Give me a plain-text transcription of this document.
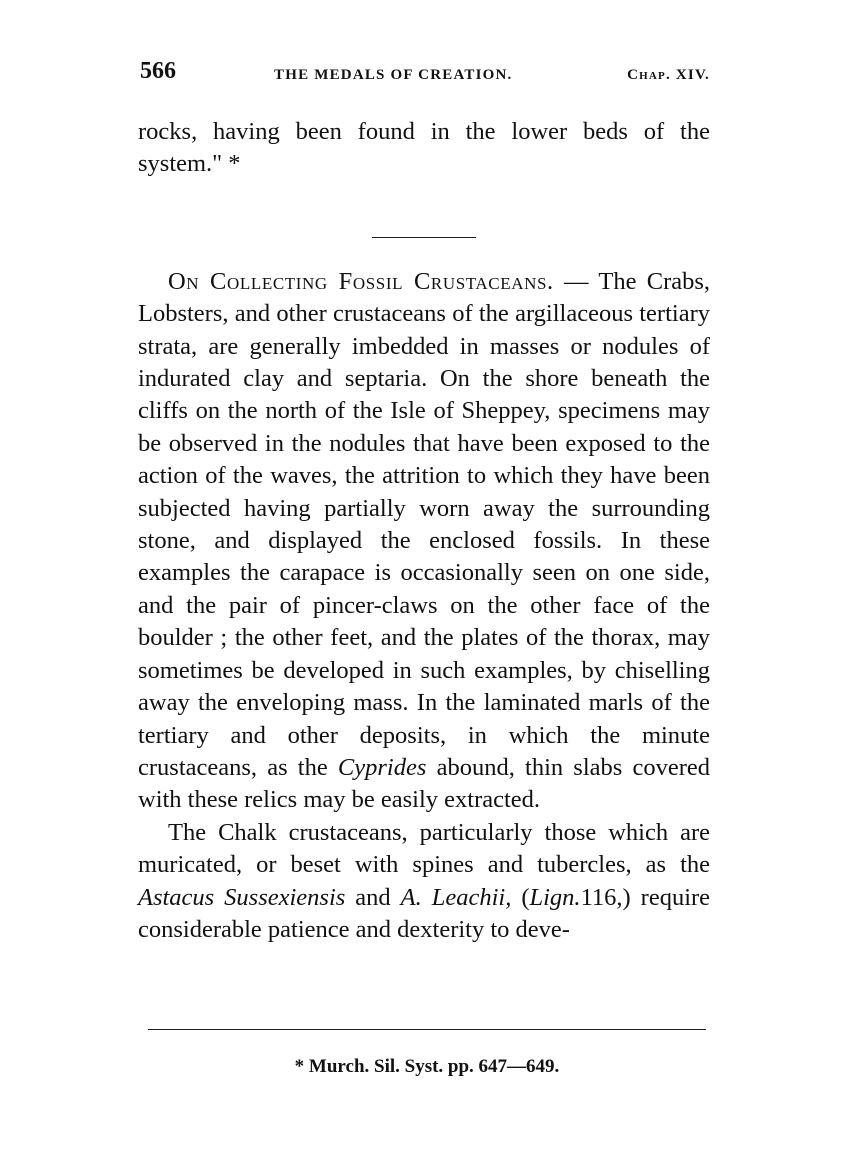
566	THE MEDALS OF CREATION.	Chap. XIV.

rocks, having been found in the lower beds of the system." *

On Collecting Fossil Crustaceans. — The Crabs, Lobsters, and other crustaceans of the argillaceous tertiary strata, are generally imbedded in masses or nodules of indurated clay and septaria. On the shore beneath the cliffs on the north of the Isle of Sheppey, specimens may be observed in the nodules that have been exposed to the action of the waves, the attrition to which they have been subjected having partially worn away the surrounding stone, and displayed the enclosed fossils. In these examples the carapace is occasionally seen on one side, and the pair of pincer-claws on the other face of the boulder ; the other feet, and the plates of the thorax, may sometimes be developed in such examples, by chiselling away the enveloping mass. In the laminated marls of the tertiary and other deposits, in which the minute crustaceans, as the Cyprides abound, thin slabs covered with these relics may be easily extracted.

The Chalk crustaceans, particularly those which are muricated, or beset with spines and tubercles, as the Astacus Sussexiensis and A. Leachii, (Lign.116,) require considerable patience and dexterity to deve-

* Murch. Sil. Syst. pp. 647—649.
